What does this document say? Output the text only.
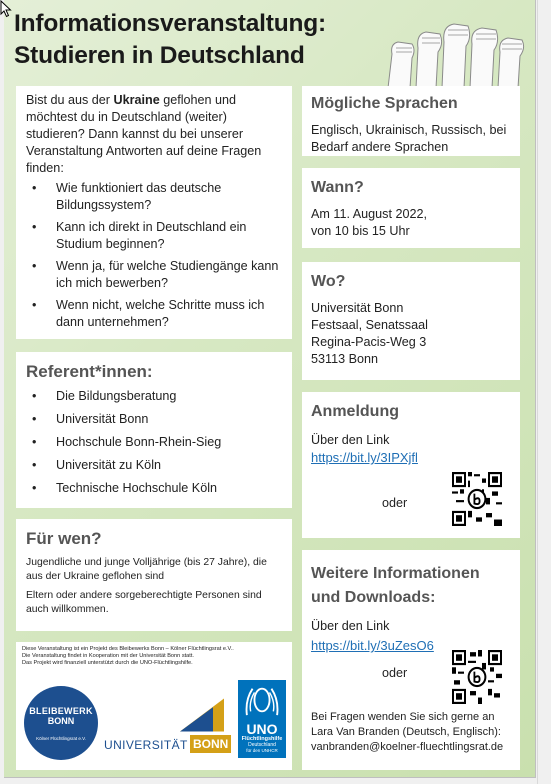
Informationsveranstaltung:
Studieren in Deutschland

Bist du aus der Ukraine geflohen und möchtest du in Deutschland (weiter) studieren? Dann kannst du bei unserer Veranstaltung Antworten auf deine Fragen finden:

• Wie funktioniert das deutsche Bildungssystem?
• Kann ich direkt in Deutschland ein Studium beginnen?
• Wenn ja, für welche Studiengänge kann ich mich bewerben?
• Wenn nicht, welche Schritte muss ich dann unternehmen?
Referent*innen:
• Die Bildungsberatung
• Universität Bonn
• Hochschule Bonn-Rhein-Sieg
• Universität zu Köln
• Technische Hochschule Köln
Für wen?

Jugendliche und junge Volljährige (bis 27 Jahre), die aus der Ukraine geflohen sind

Eltern oder andere sorgeberechtigte Personen sind auch willkommen.

Diese Veranstaltung ist ein Projekt des Bleibewerks Bonn – Kölner Flüchtlingsrat e.V..
Die Veranstaltung findet in Kooperation mit der Universität Bonn statt.
Das Projekt wird finanziell unterstützt durch die UNO-Flüchtlingshilfe.
BLEIBEWERK
BONN
Kölner Flüchtlingsrat e.V.	UNIVERSITÄT BONN
UNO
Flüchtlingshilfe
Deutschland
für den UNHCR
Mögliche Sprachen

Englisch, Ukrainisch, Russisch, bei Bedarf andere Sprachen

Wann?

Am 11. August 2022,

von 10 bis 15 Uhr

Wo?

Universität Bonn

Festsaal, Senatssaal

Regina-Pacis-Weg 3

53113 Bonn

Anmeldung

Über den Link

https://bit.ly/3IPXjfl
oder
Weitere Informationen
und Downloads:

Über den Link

https://bit.ly/3uZesO6
oder
Bei Fragen wenden Sie sich gerne an
Lara Van Branden (Deutsch, Englisch):
vanbranden@koelner-fluechtlingsrat.de
